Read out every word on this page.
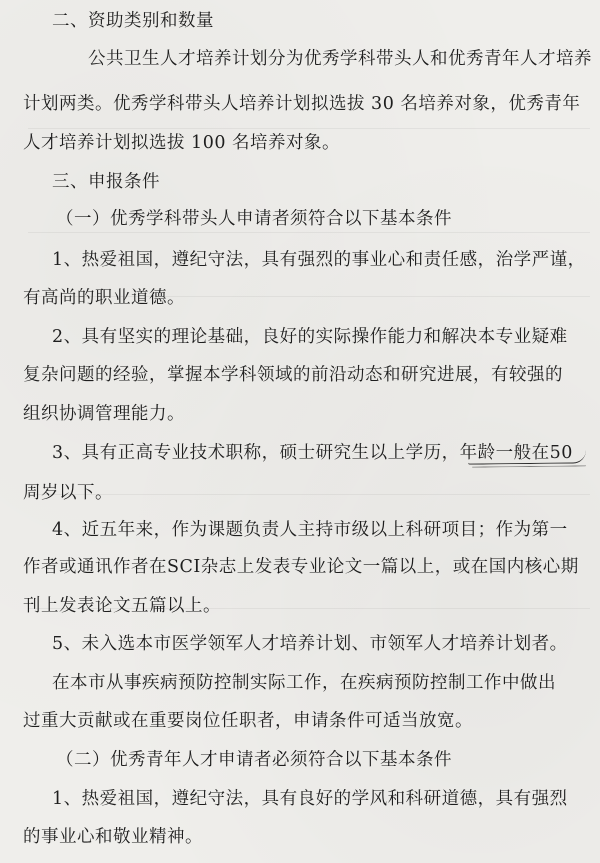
二、资助类别和数量
公共卫生人才培养计划分为优秀学科带头人和优秀青年人才培养
计划两类。优秀学科带头人培养计划拟选拔 30 名培养对象，优秀青年
人才培养计划拟选拔 100 名培养对象。
三、申报条件
（一）优秀学科带头人申请者须符合以下基本条件
1、热爱祖国，遵纪守法，具有强烈的事业心和责任感，治学严谨，
有高尚的职业道德。
2、具有坚实的理论基础，良好的实际操作能力和解决本专业疑难
复杂问题的经验，掌握本学科领域的前沿动态和研究进展，有较强的
组织协调管理能力。
3、具有正高专业技术职称，硕士研究生以上学历，年龄一般在50
周岁以下。
4、近五年来，作为课题负责人主持市级以上科研项目；作为第一
作者或通讯作者在SCI杂志上发表专业论文一篇以上，或在国内核心期
刊上发表论文五篇以上。
5、未入选本市医学领军人才培养计划、市领军人才培养计划者。
在本市从事疾病预防控制实际工作，在疾病预防控制工作中做出
过重大贡献或在重要岗位任职者，申请条件可适当放宽。
（二）优秀青年人才申请者必须符合以下基本条件
1、热爱祖国，遵纪守法，具有良好的学风和科研道德，具有强烈
的事业心和敬业精神。
